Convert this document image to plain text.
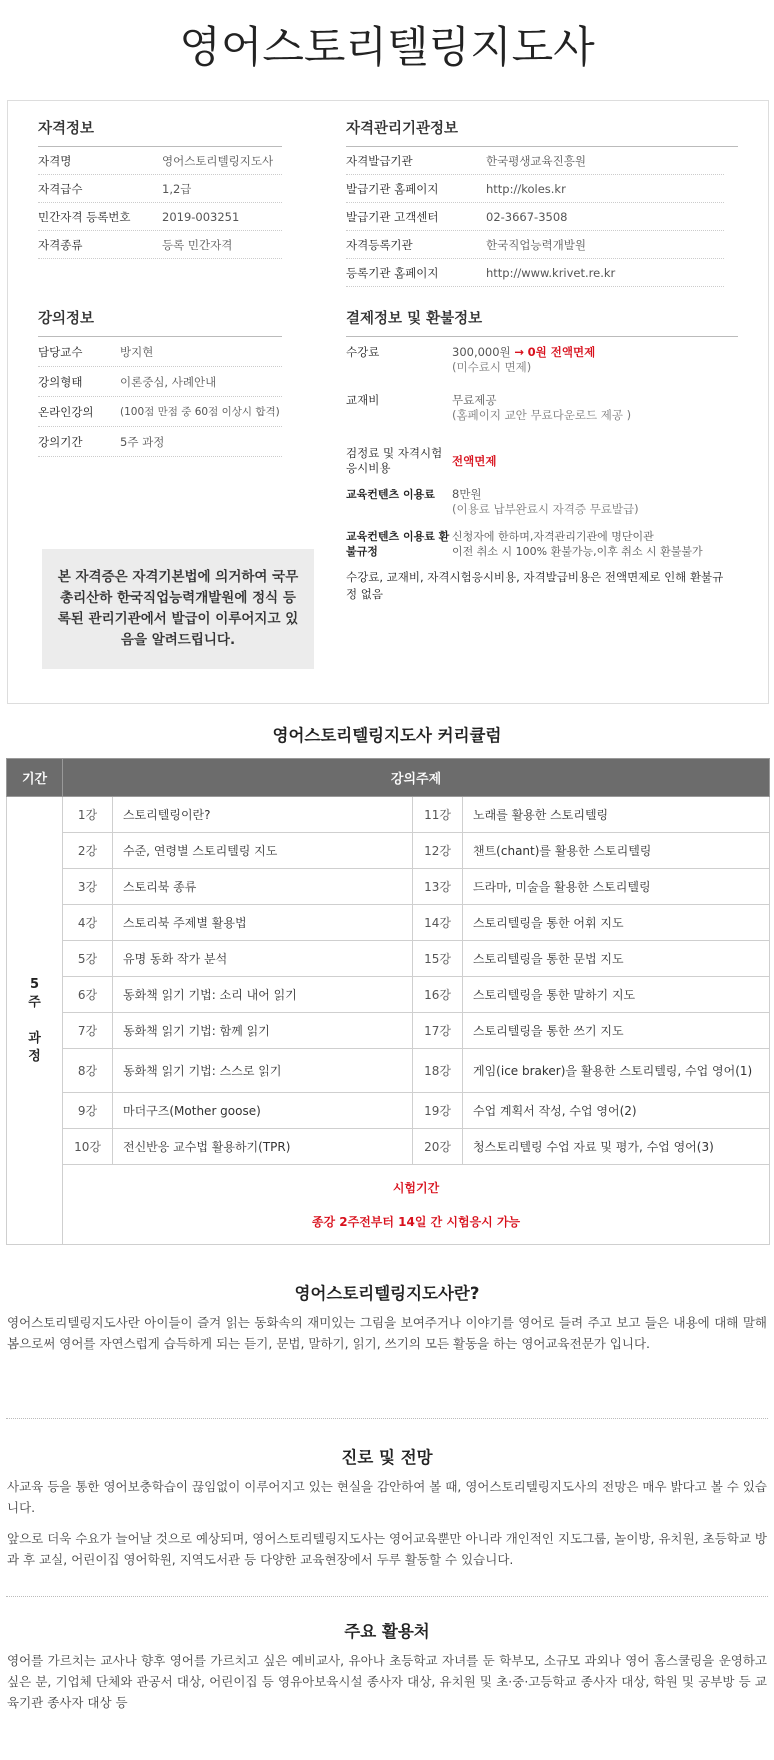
영어스토리텔링지도사
자격정보
자격명	영어스토리텔링지도사
자격급수	1,2급
민간자격 등록번호	2019-003251
자격종류	등록 민간자격
자격관리기관정보
자격발급기관	한국평생교육진흥원
발급기관 홈페이지	http://koles.kr
발급기관 고객센터	02-3667-3508
자격등록기관	한국직업능력개발원
등록기관 홈페이지	http://www.krivet.re.kr
강의정보
담당교수	방지현
강의형태	이론중심, 사례안내
온라인강의	(100점 만점 중 60점 이상시 합격)
강의기간	5주 과정
본 자격증은 자격기본법에 의거하여 국무총리산하 한국직업능력개발원에 정식 등록된 관리기관에서 발급이 이루어지고 있음을 알려드립니다.
결제정보 및 환불정보
수강료	300,000원 → 0원 전액면제
(미수료시 면제)
교재비	무료제공
(홈페이지 교안 무료다운로드 제공 )
검정료 및 자격시험 응시비용
전액면제
교육컨텐츠 이용료	8만원
(이용료 납부완료시 자격증 무료발급)
교육컨텐츠 이용료 환불규정
신청자에 한하며,자격관리기관에 명단이관
이전 취소 시 100% 환불가능,이후 취소 시 환불불가
수강료, 교재비, 자격시험응시비용, 자격발급비용은 전액면제로 인해 환불규정 없음
영어스토리텔링지도사 커리큘럼
기간	강의주제			

5
주
과
정	1강	스토리텔링이란?	11강	노래를 활용한 스토리텔링
	2강	수준, 연령별 스토리텔링 지도	12강	챈트(chant)를 활용한 스토리텔링
	3강	스토리북 종류	13강	드라마, 미술을 활용한 스토리텔링
	4강	스토리북 주제별 활용법	14강	스토리텔링을 통한 어휘 지도
	5강	유명 동화 작가 분석	15강	스토리텔링을 통한 문법 지도
	6강	동화책 읽기 기법: 소리 내어 읽기	16강	스토리텔링을 통한 말하기 지도
	7강	동화책 읽기 기법: 함께 읽기	17강	스토리텔링을 통한 쓰기 지도
	8강	동화책 읽기 기법: 스스로 읽기	18강	게임(ice braker)을 활용한 스토리텔링, 수업 영어(1)
	9강	마더구즈(Mother goose)	19강	수업 계획서 작성, 수업 영어(2)
	10강	전신반응 교수법 활용하기(TPR)	20강	청스토리텔링 수업 자료 및 평가, 수업 영어(3)

	시험기간
종강 2주전부터 14일 간 시험응시 가능			
영어스토리텔링지도사란?

영어스토리텔링지도사란 아이들이 즐겨 읽는 동화속의 재미있는 그림을 보여주거나 이야기를 영어로 들려 주고 보고 들은 내용에 대해 말해봄으로써 영어를 자연스럽게 습득하게 되는 듣기, 문법, 말하기, 읽기, 쓰기의 모든 활동을 하는 영어교육전문가 입니다.

진로 및 전망

사교육 등을 통한 영어보충학습이 끊임없이 이루어지고 있는 현실을 감안하여 볼 때, 영어스토리텔링지도사의 전망은 매우 밝다고 볼 수 있습니다.

앞으로 더욱 수요가 늘어날 것으로 예상되며, 영어스토리텔링지도사는 영어교육뿐만 아니라 개인적인 지도그룹, 놀이방, 유치원, 초등학교 방과 후 교실, 어린이집 영어학원, 지역도서관 등 다양한 교육현장에서 두루 활동할 수 있습니다.

주요 활용처

영어를 가르치는 교사나 향후 영어를 가르치고 싶은 예비교사, 유아나 초등학교 자녀를 둔 학부모, 소규모 과외나 영어 홈스쿨링을 운영하고 싶은 분, 기업체 단체와 관공서 대상, 어린이집 등 영유아보육시설 종사자 대상, 유치원 및 초·중·고등학교 종사자 대상, 학원 및 공부방 등 교육기관 종사자 대상 등
